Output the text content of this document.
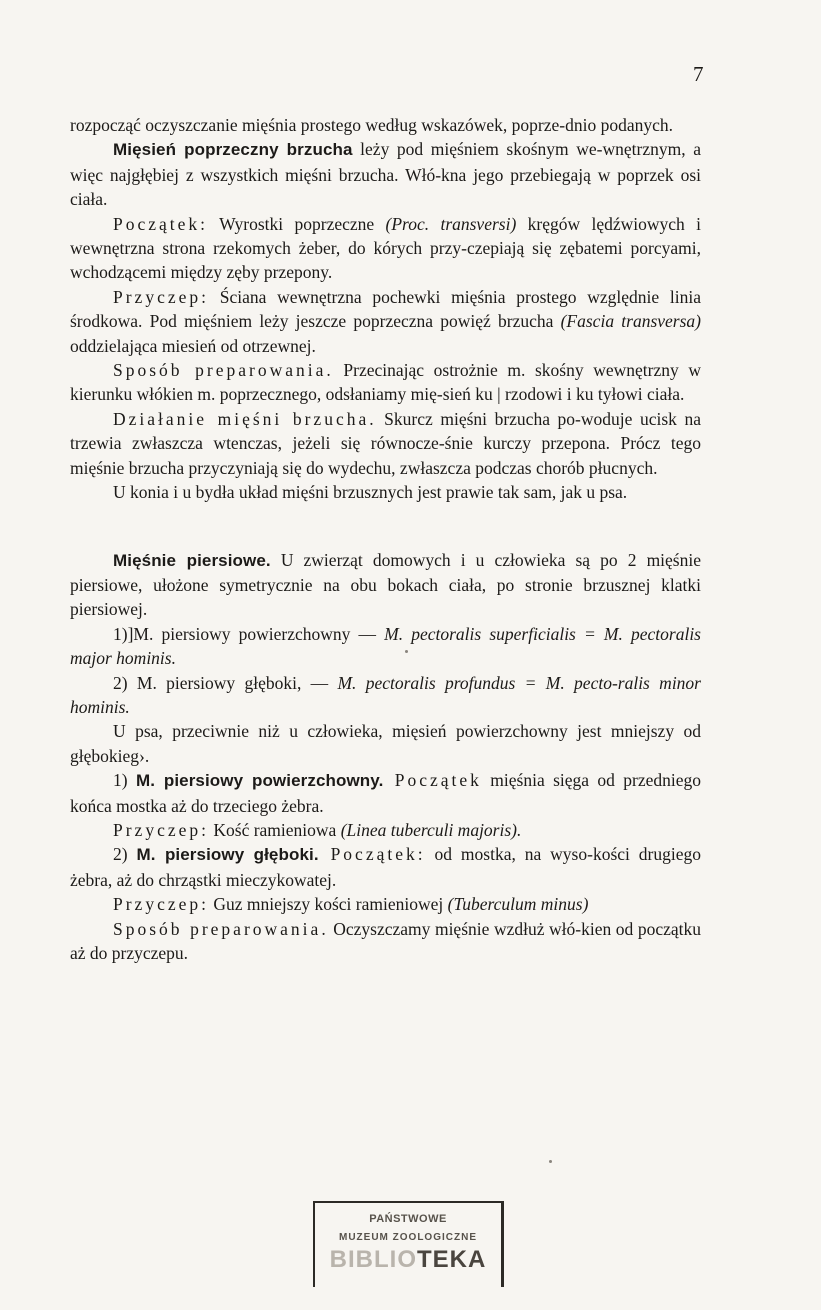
7

rozpocząć oczyszczanie mięśnia prostego według wskazówek, poprze-dnio podanych.

Mięsień poprzeczny brzucha leży pod mięśniem skośnym we-wnętrznym, a więc najgłębiej z wszystkich mięśni brzucha. Włó-kna jego przebiegają w poprzek osi ciała.

Początek: Wyrostki poprzeczne (Proc. transversi) kręgów lędźwiowych i wewnętrzna strona rzekomych żeber, do kórych przy-czepiają się zębatemi porcyami, wchodzącemi między zęby przepony.

Przyczep: Ściana wewnętrzna pochewki mięśnia prostego względnie linia środkowa. Pod mięśniem leży jeszcze poprzeczna powięź brzucha (Fascia transversa) oddzielająca miesień od otrzewnej.

Sposób preparowania. Przecinając ostrożnie m. skośny wewnętrzny w kierunku włókien m. poprzecznego, odsłaniamy mię-sień ku | rzodowi i ku tyłowi ciała.

Działanie mięśni brzucha. Skurcz mięśni brzucha po-woduje ucisk na trzewia zwłaszcza wtenczas, jeżeli się równocze-śnie kurczy przepona. Prócz tego mięśnie brzucha przyczyniają się do wydechu, zwłaszcza podczas chorób płucnych.

U konia i u bydła układ mięśni brzusznych jest prawie tak sam, jak u psa.

Mięśnie piersiowe. U zwierząt domowych i u człowieka są po 2 mięśnie piersiowe, ułożone symetrycznie na obu bokach ciała, po stronie brzusznej klatki piersiowej.

1)]M. piersiowy powierzchowny — M. pectoralis superficialis = M. pectoralis major hominis.

2) M. piersiowy głęboki, — M. pectoralis profundus = M. pecto-ralis minor hominis.

U psa, przeciwnie niż u człowieka, mięsień powierzchowny jest mniejszy od głębokieg›.

1) M. piersiowy powierzchowny. Początek mięśnia sięga od przedniego końca mostka aż do trzeciego żebra.

Przyczep: Kość ramieniowa (Linea tuberculi majoris).

2) M. piersiowy głęboki. Początek: od mostka, na wyso-kości drugiego żebra, aż do chrząstki mieczykowatej.

Przyczep: Guz mniejszy kości ramieniowej (Tuberculum minus)

Sposób preparowania. Oczyszczamy mięśnie wzdłuż włó-kien od początku aż do przyczepu.

PAŃSTWOWE
MUZEUM ZOOLOGICZNE
BIBLIOTEKA
